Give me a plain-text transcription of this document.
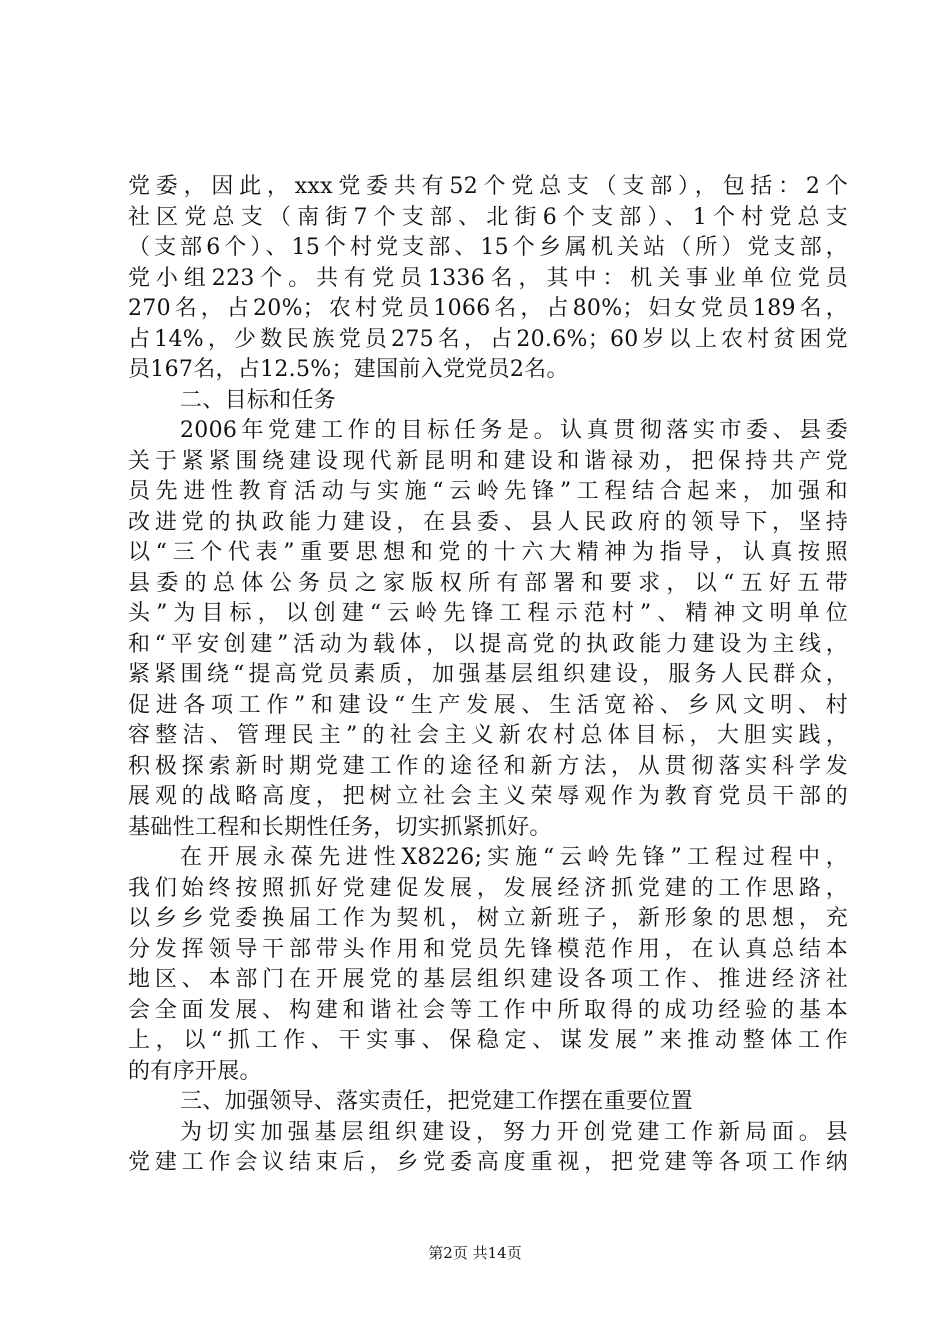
党委，因此，xxx党委共有52个党总支（支部），包括：2个
社区党总支（南街7个支部、北街6个支部）、1个村党总支
（支部6个）、15个村党支部、15个乡属机关站（所）党支部，
党小组223个。共有党员1336名，其中：机关事业单位党员
270名，占20%；农村党员1066名，占80%；妇女党员189名，
占14%，少数民族党员275名，占20.6%；60岁以上农村贫困党
员167名，占12.5%；建国前入党党员2名。
二、目标和任务
2006年党建工作的目标任务是。认真贯彻落实市委、县委
关于紧紧围绕建设现代新昆明和建设和谐禄劝，把保持共产党
员先进性教育活动与实施“云岭先锋”工程结合起来，加强和
改进党的执政能力建设，在县委、县人民政府的领导下，坚持
以“三个代表”重要思想和党的十六大精神为指导，认真按照
县委的总体公务员之家版权所有部署和要求，以“五好五带
头”为目标，以创建“云岭先锋工程示范村”、精神文明单位
和“平安创建”活动为载体，以提高党的执政能力建设为主线，
紧紧围绕“提高党员素质，加强基层组织建设，服务人民群众，
促进各项工作”和建设“生产发展、生活宽裕、乡风文明、村
容整洁、管理民主”的社会主义新农村总体目标，大胆实践，
积极探索新时期党建工作的途径和新方法，从贯彻落实科学发
展观的战略高度，把树立社会主义荣辱观作为教育党员干部的
基础性工程和长期性任务，切实抓紧抓好。
在开展永葆先进性X8226;实施“云岭先锋”工程过程中，
我们始终按照抓好党建促发展，发展经济抓党建的工作思路，
以乡乡党委换届工作为契机，树立新班子，新形象的思想，充
分发挥领导干部带头作用和党员先锋模范作用，在认真总结本
地区、本部门在开展党的基层组织建设各项工作、推进经济社
会全面发展、构建和谐社会等工作中所取得的成功经验的基本
上，以“抓工作、干实事、保稳定、谋发展”来推动整体工作
的有序开展。
三、加强领导、落实责任，把党建工作摆在重要位置
为切实加强基层组织建设，努力开创党建工作新局面。县
党建工作会议结束后，乡党委高度重视，把党建等各项工作纳
第2页 共14页
